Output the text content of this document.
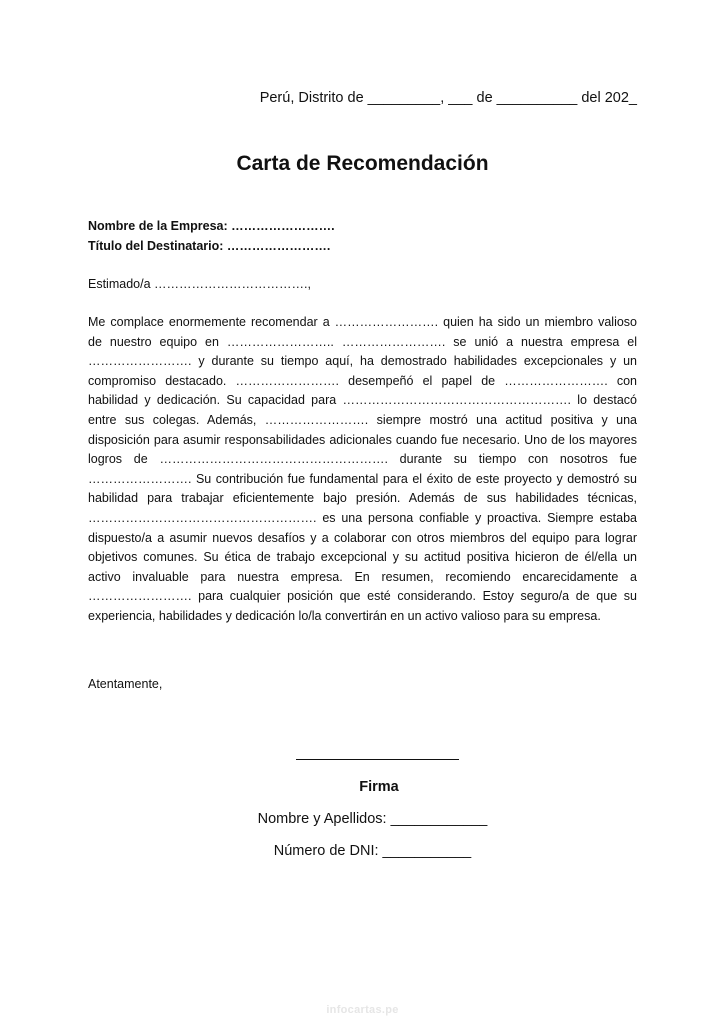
Perú, Distrito de _________, ___ de __________ del 202_
Carta de Recomendación
Nombre de la Empresa: …………………….
Título del Destinatario: …………………….
Estimado/a ……………………………….,

Me complace enormemente recomendar a ……………………. quien ha sido un miembro valioso de nuestro equipo en …………………….. ……………………. se unió a nuestra empresa el ……………………. y durante su tiempo aquí, ha demostrado habilidades excepcionales y un compromiso destacado. ……………………. desempeñó el papel de ……………………. con habilidad y dedicación. Su capacidad para ………………………………………………. lo destacó entre sus colegas. Además, ……………………. siempre mostró una actitud positiva y una disposición para asumir responsabilidades adicionales cuando fue necesario. Uno de los mayores logros de ………………………………………………. durante su tiempo con nosotros fue ……………………. Su contribución fue fundamental para el éxito de este proyecto y demostró su habilidad para trabajar eficientemente bajo presión. Además de sus habilidades técnicas, ………………………………………………. es una persona confiable y proactiva. Siempre estaba dispuesto/a a asumir nuevos desafíos y a colaborar con otros miembros del equipo para lograr objetivos comunes. Su ética de trabajo excepcional y su actitud positiva hicieron de él/ella un activo invaluable para nuestra empresa. En resumen, recomiendo encarecidamente a ……………………. para cualquier posición que esté considerando. Estoy seguro/a de que su experiencia, habilidades y dedicación lo/la convertirán en un activo valioso para su empresa.

Atentamente,
Firma
Nombre y Apellidos: ____________
Número de DNI: ___________
infocartas.pe
